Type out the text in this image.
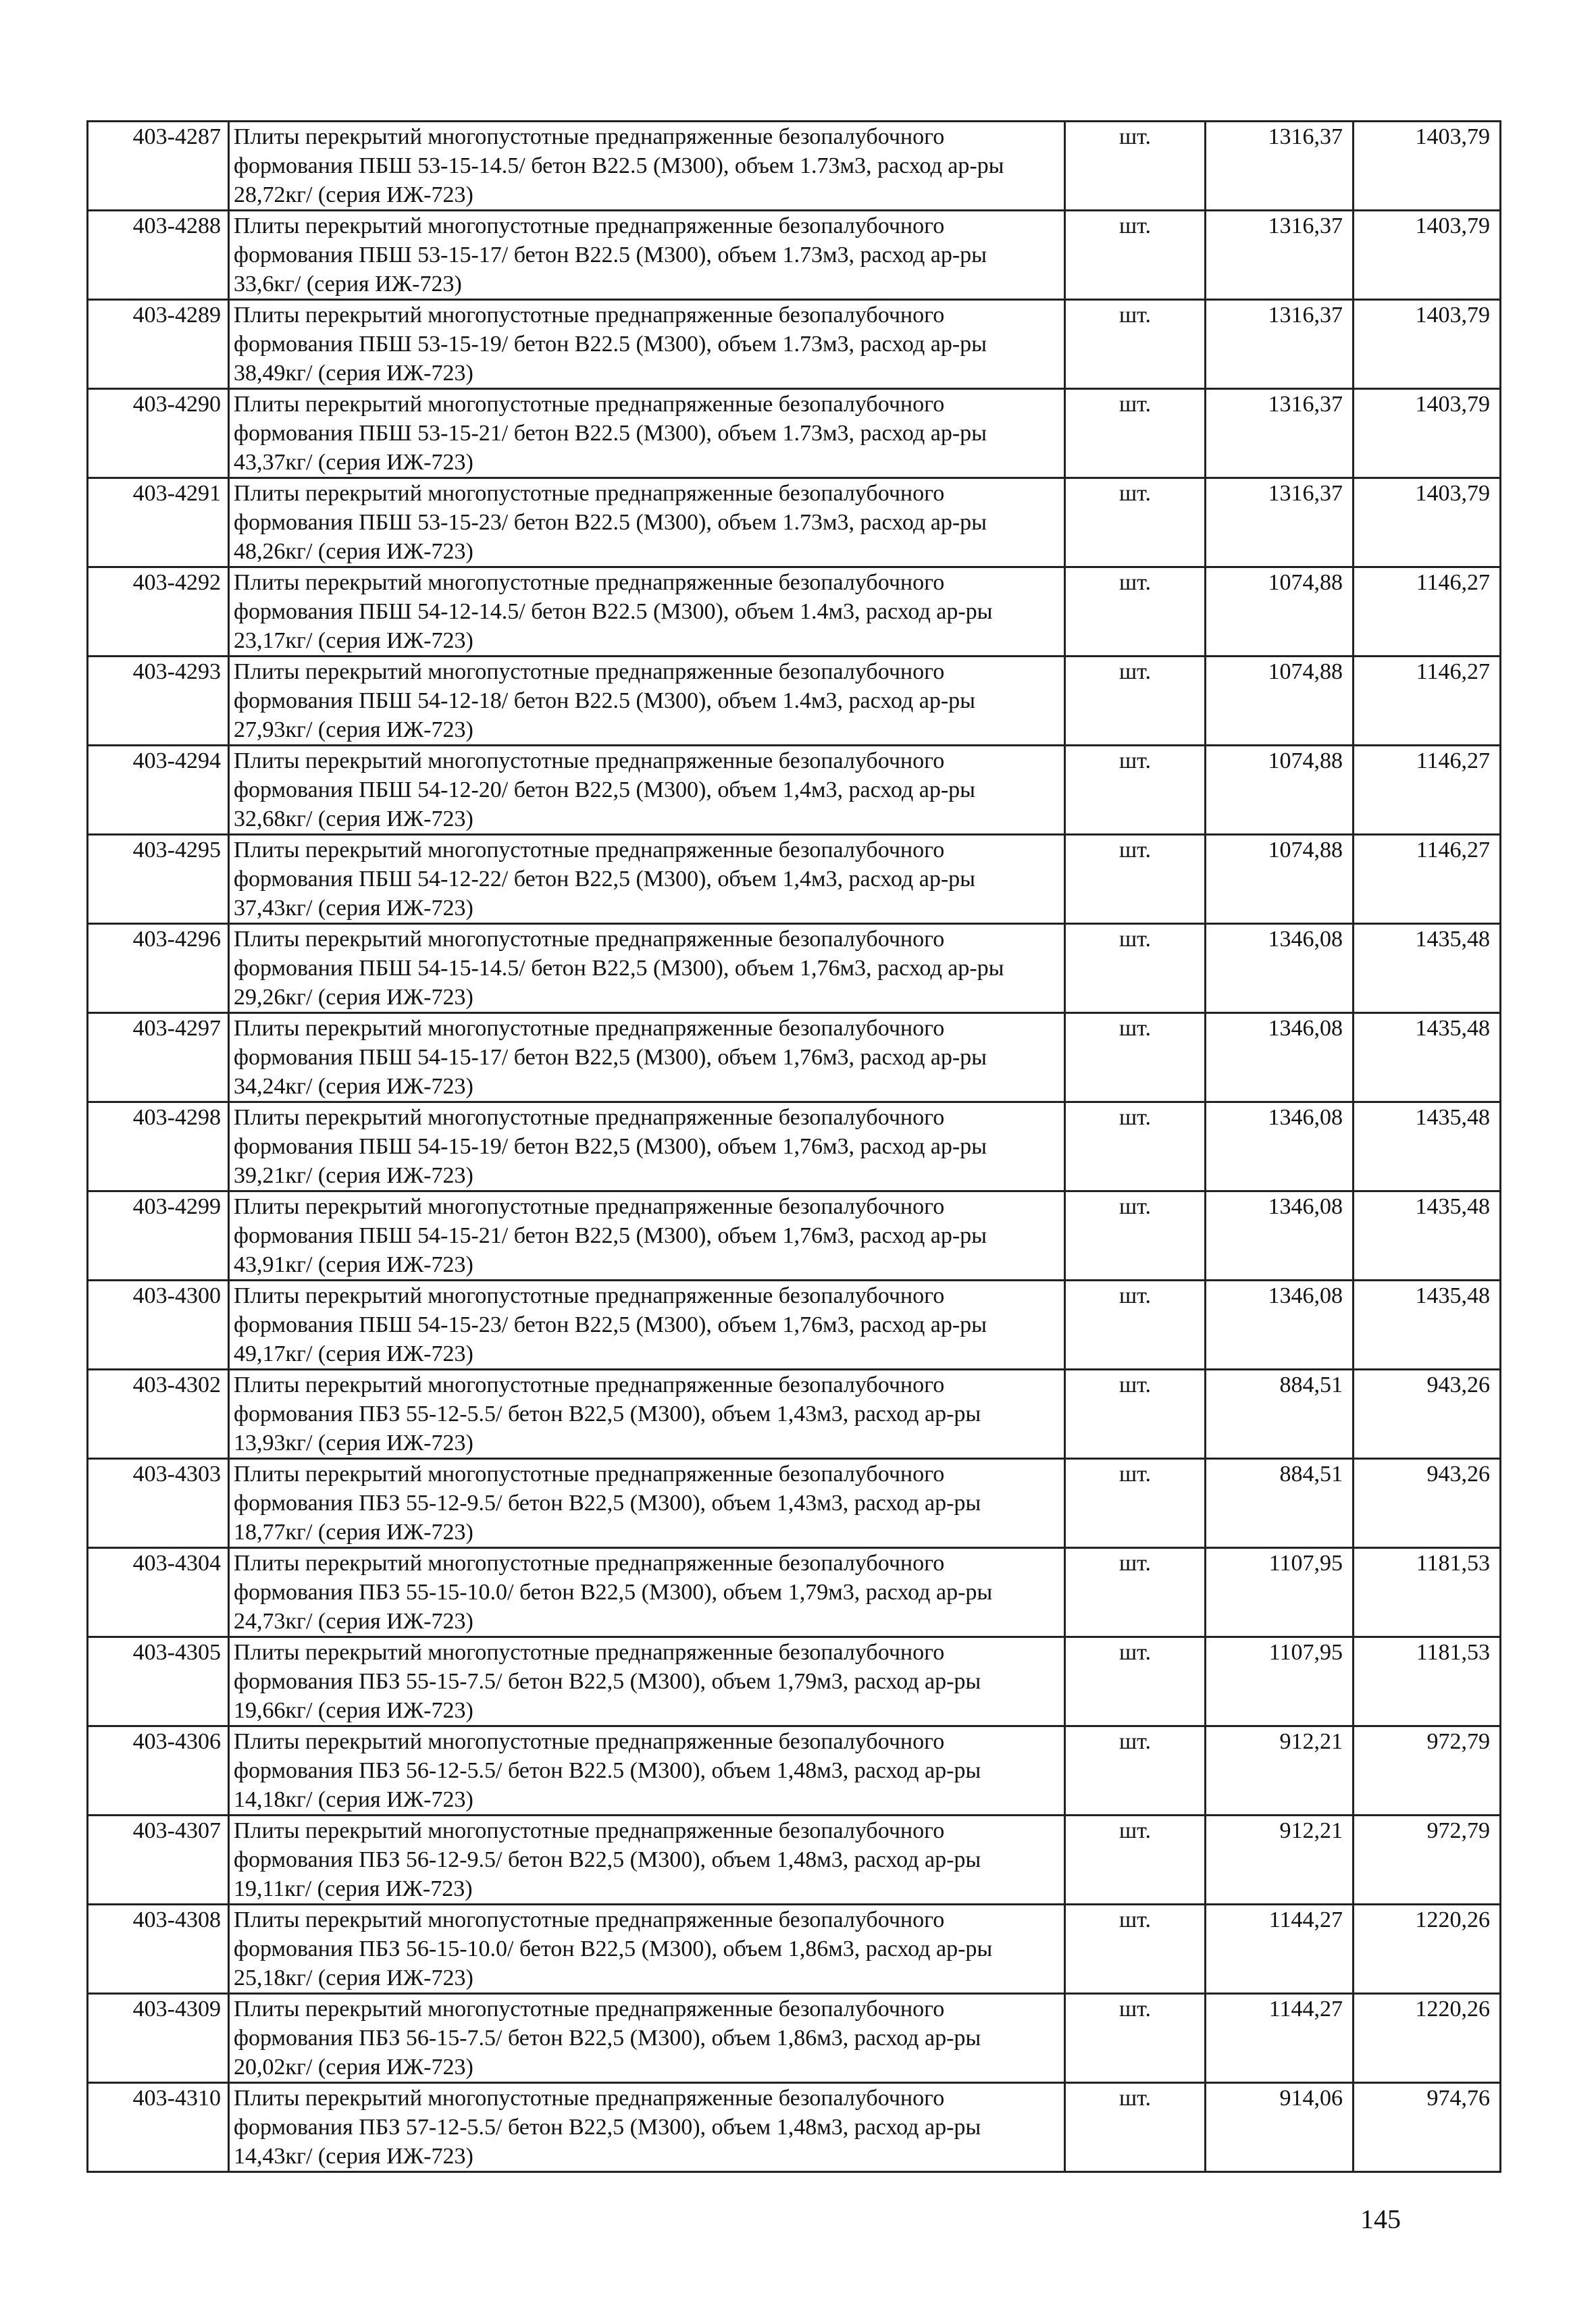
403-4287	Плиты перекрытий многопустотные преднапряженные безопалубочного формования ПБШ 53-15-14.5/ бетон В22.5 (М300), объем 1.73м3, расход ар-ры 28,72кг/ (серия ИЖ-723)	шт.	1316,37	1403,79
403-4288	Плиты перекрытий многопустотные преднапряженные безопалубочного формования ПБШ 53-15-17/ бетон В22.5 (М300), объем 1.73м3, расход ар-ры 33,6кг/ (серия ИЖ-723)	шт.	1316,37	1403,79
403-4289	Плиты перекрытий многопустотные преднапряженные безопалубочного формования ПБШ 53-15-19/ бетон В22.5 (М300), объем 1.73м3, расход ар-ры 38,49кг/ (серия ИЖ-723)	шт.	1316,37	1403,79
403-4290	Плиты перекрытий многопустотные преднапряженные безопалубочного формования ПБШ 53-15-21/ бетон В22.5 (М300), объем 1.73м3, расход ар-ры 43,37кг/ (серия ИЖ-723)	шт.	1316,37	1403,79
403-4291	Плиты перекрытий многопустотные преднапряженные безопалубочного формования ПБШ 53-15-23/ бетон В22.5 (М300), объем 1.73м3, расход ар-ры 48,26кг/ (серия ИЖ-723)	шт.	1316,37	1403,79
403-4292	Плиты перекрытий многопустотные преднапряженные безопалубочного формования ПБШ 54-12-14.5/ бетон В22.5 (М300), объем 1.4м3, расход ар-ры 23,17кг/ (серия ИЖ-723)	шт.	1074,88	1146,27
403-4293	Плиты перекрытий многопустотные преднапряженные безопалубочного формования ПБШ 54-12-18/ бетон В22.5 (М300), объем 1.4м3, расход ар-ры 27,93кг/ (серия ИЖ-723)	шт.	1074,88	1146,27
403-4294	Плиты перекрытий многопустотные преднапряженные безопалубочного формования ПБШ 54-12-20/ бетон В22,5 (М300), объем 1,4м3, расход ар-ры 32,68кг/ (серия ИЖ-723)	шт.	1074,88	1146,27
403-4295	Плиты перекрытий многопустотные преднапряженные безопалубочного формования ПБШ 54-12-22/ бетон В22,5 (М300), объем 1,4м3, расход ар-ры 37,43кг/ (серия ИЖ-723)	шт.	1074,88	1146,27
403-4296	Плиты перекрытий многопустотные преднапряженные безопалубочного формования ПБШ 54-15-14.5/ бетон В22,5 (М300), объем 1,76м3, расход ар-ры 29,26кг/ (серия ИЖ-723)	шт.	1346,08	1435,48
403-4297	Плиты перекрытий многопустотные преднапряженные безопалубочного формования ПБШ 54-15-17/ бетон В22,5 (М300), объем 1,76м3, расход ар-ры 34,24кг/ (серия ИЖ-723)	шт.	1346,08	1435,48
403-4298	Плиты перекрытий многопустотные преднапряженные безопалубочного формования ПБШ 54-15-19/ бетон В22,5 (М300), объем 1,76м3, расход ар-ры 39,21кг/ (серия ИЖ-723)	шт.	1346,08	1435,48
403-4299	Плиты перекрытий многопустотные преднапряженные безопалубочного формования ПБШ 54-15-21/ бетон В22,5 (М300), объем 1,76м3, расход ар-ры 43,91кг/ (серия ИЖ-723)	шт.	1346,08	1435,48
403-4300	Плиты перекрытий многопустотные преднапряженные безопалубочного формования ПБШ 54-15-23/ бетон В22,5 (М300), объем 1,76м3, расход ар-ры 49,17кг/ (серия ИЖ-723)	шт.	1346,08	1435,48
403-4302	Плиты перекрытий многопустотные преднапряженные безопалубочного формования ПБЗ 55-12-5.5/ бетон В22,5 (М300), объем 1,43м3, расход ар-ры 13,93кг/ (серия ИЖ-723)	шт.	884,51	943,26
403-4303	Плиты перекрытий многопустотные преднапряженные безопалубочного формования ПБЗ 55-12-9.5/ бетон В22,5 (М300), объем 1,43м3, расход ар-ры 18,77кг/ (серия ИЖ-723)	шт.	884,51	943,26
403-4304	Плиты перекрытий многопустотные преднапряженные безопалубочного формования ПБЗ 55-15-10.0/ бетон В22,5 (М300), объем 1,79м3, расход ар-ры 24,73кг/ (серия ИЖ-723)	шт.	1107,95	1181,53
403-4305	Плиты перекрытий многопустотные преднапряженные безопалубочного формования ПБЗ 55-15-7.5/ бетон В22,5 (М300), объем 1,79м3, расход ар-ры 19,66кг/ (серия ИЖ-723)	шт.	1107,95	1181,53
403-4306	Плиты перекрытий многопустотные преднапряженные безопалубочного формования ПБЗ 56-12-5.5/ бетон В22.5 (М300), объем 1,48м3, расход ар-ры 14,18кг/ (серия ИЖ-723)	шт.	912,21	972,79
403-4307	Плиты перекрытий многопустотные преднапряженные безопалубочного формования ПБЗ 56-12-9.5/ бетон В22,5 (М300), объем 1,48м3, расход ар-ры 19,11кг/ (серия ИЖ-723)	шт.	912,21	972,79
403-4308	Плиты перекрытий многопустотные преднапряженные безопалубочного формования ПБЗ 56-15-10.0/ бетон В22,5 (М300), объем 1,86м3, расход ар-ры 25,18кг/ (серия ИЖ-723)	шт.	1144,27	1220,26
403-4309	Плиты перекрытий многопустотные преднапряженные безопалубочного формования ПБЗ 56-15-7.5/ бетон В22,5 (М300), объем 1,86м3, расход ар-ры 20,02кг/ (серия ИЖ-723)	шт.	1144,27	1220,26
403-4310	Плиты перекрытий многопустотные преднапряженные безопалубочного формования ПБЗ 57-12-5.5/ бетон В22,5 (М300), объем 1,48м3, расход ар-ры 14,43кг/ (серия ИЖ-723)	шт.	914,06	974,76
145
